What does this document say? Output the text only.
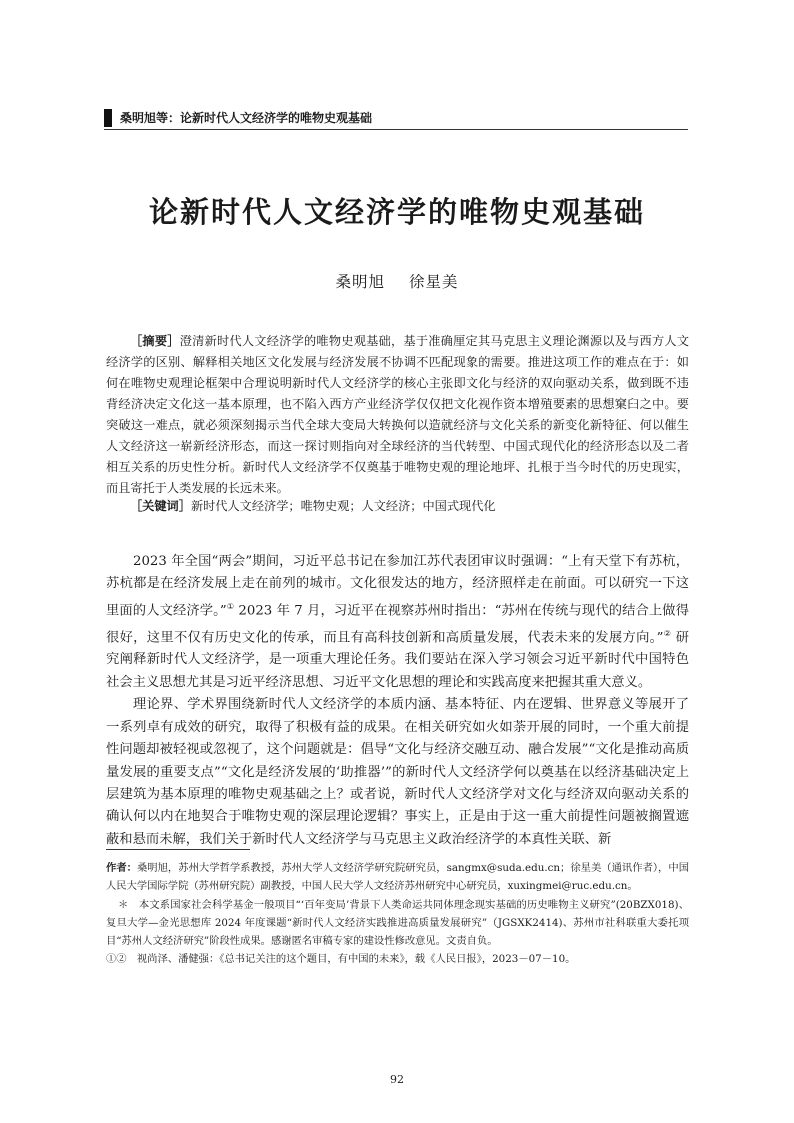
桑明旭等：论新时代人文经济学的唯物史观基础
论新时代人文经济学的唯物史观基础
桑明旭 徐星美
［摘要］澄清新时代人文经济学的唯物史观基础，基于准确厘定其马克思主义理论渊源以及与西方人文经济学的区别、解释相关地区文化发展与经济发展不协调不匹配现象的需要。推进这项工作的难点在于：如何在唯物史观理论框架中合理说明新时代人文经济学的核心主张即文化与经济的双向驱动关系，做到既不违背经济决定文化这一基本原理，也不陷入西方产业经济学仅仅把文化视作资本增殖要素的思想窠臼之中。要突破这一难点，就必须深刻揭示当代全球大变局大转换何以造就经济与文化关系的新变化新特征、何以催生人文经济这一崭新经济形态，而这一探讨则指向对全球经济的当代转型、中国式现代化的经济形态以及二者相互关系的历史性分析。新时代人文经济学不仅奠基于唯物史观的理论地坪、扎根于当今时代的历史现实，而且寄托于人类发展的长远未来。
［关键词］新时代人文经济学；唯物史观；人文经济；中国式现代化

2023 年全国“两会”期间，习近平总书记在参加江苏代表团审议时强调：“上有天堂下有苏杭，苏杭都是在经济发展上走在前列的城市。文化很发达的地方，经济照样走在前面。可以研究一下这里面的人文经济学。”① 2023 年 7 月，习近平在视察苏州时指出：“苏州在传统与现代的结合上做得很好，这里不仅有历史文化的传承，而且有高科技创新和高质量发展，代表未来的发展方向。”② 研究阐释新时代人文经济学，是一项重大理论任务。我们要站在深入学习领会习近平新时代中国特色社会主义思想尤其是习近平经济思想、习近平文化思想的理论和实践高度来把握其重大意义。

理论界、学术界围绕新时代人文经济学的本质内涵、基本特征、内在逻辑、世界意义等展开了一系列卓有成效的研究，取得了积极有益的成果。在相关研究如火如荼开展的同时，一个重大前提性问题却被轻视或忽视了，这个问题就是：倡导“文化与经济交融互动、融合发展”“文化是推动高质量发展的重要支点”“文化是经济发展的‘助推器’”的新时代人文经济学何以奠基在以经济基础决定上层建筑为基本原理的唯物史观基础之上？或者说，新时代人文经济学对文化与经济双向驱动关系的确认何以内在地契合于唯物史观的深层理论逻辑？事实上，正是由于这一重大前提性问题被搁置遮蔽和悬而未解，我们关于新时代人文经济学与马克思主义政治经济学的本真性关联、新

作者：桑明旭，苏州大学哲学系教授，苏州大学人文经济学研究院研究员，sangmx@suda.edu.cn；徐星美（通讯作者），中国人民大学国际学院（苏州研究院）副教授，中国人民大学人文经济苏州研究中心研究员，xuxingmei@ruc.edu.cn。

＊　本文系国家社会科学基金一般项目“‘百年变局’背景下人类命运共同体理念现实基础的历史唯物主义研究”(20BZX018)、复旦大学—金光思想库 2024 年度课题“新时代人文经济实践推进高质量发展研究”（JGSXK2414)、苏州市社科联重大委托项目“苏州人文经济研究”阶段性成果。感谢匿名审稿专家的建设性修改意见。文责自负。

①②　视尚泽、潘健强：《总书记关注的这个题目，有中国的未来》，载《人民日报》，2023－07－10。

92
